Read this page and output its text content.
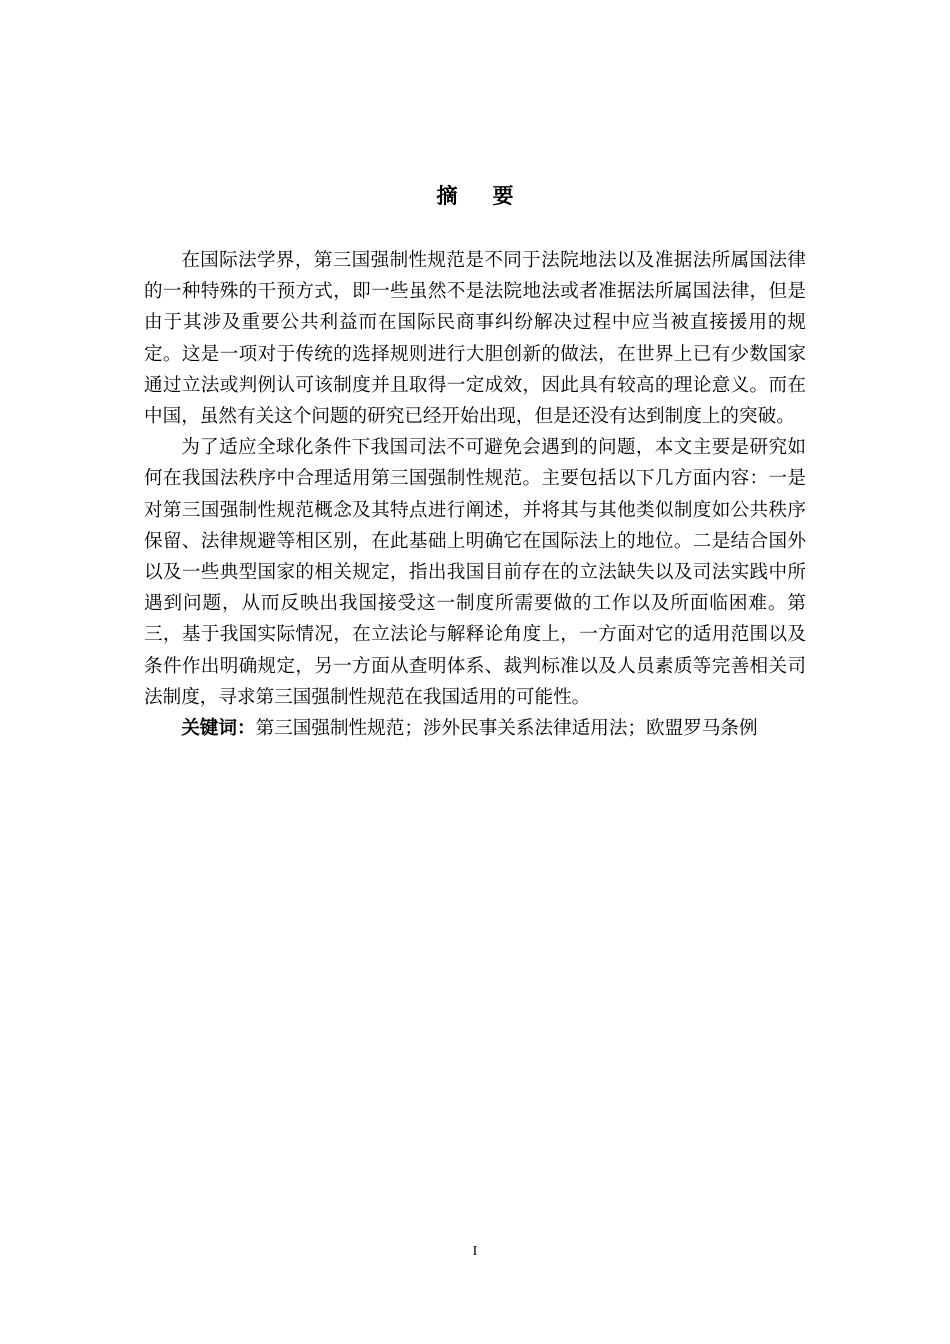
摘要

在国际法学界，第三国强制性规范是不同于法院地法以及准据法所属国法律的一种特殊的干预方式，即一些虽然不是法院地法或者准据法所属国法律，但是由于其涉及重要公共利益而在国际民商事纠纷解决过程中应当被直接援用的规定。这是一项对于传统的选择规则进行大胆创新的做法，在世界上已有少数国家通过立法或判例认可该制度并且取得一定成效，因此具有较高的理论意义。而在中国，虽然有关这个问题的研究已经开始出现，但是还没有达到制度上的突破。

为了适应全球化条件下我国司法不可避免会遇到的问题，本文主要是研究如何在我国法秩序中合理适用第三国强制性规范。主要包括以下几方面内容：一是对第三国强制性规范概念及其特点进行阐述，并将其与其他类似制度如公共秩序保留、法律规避等相区别，在此基础上明确它在国际法上的地位。二是结合国外以及一些典型国家的相关规定，指出我国目前存在的立法缺失以及司法实践中所遇到问题，从而反映出我国接受这一制度所需要做的工作以及所面临困难。第三，基于我国实际情况，在立法论与解释论角度上，一方面对它的适用范围以及条件作出明确规定，另一方面从查明体系、裁判标准以及人员素质等完善相关司法制度，寻求第三国强制性规范在我国适用的可能性。

关键词：第三国强制性规范；涉外民事关系法律适用法；欧盟罗马条例

I
